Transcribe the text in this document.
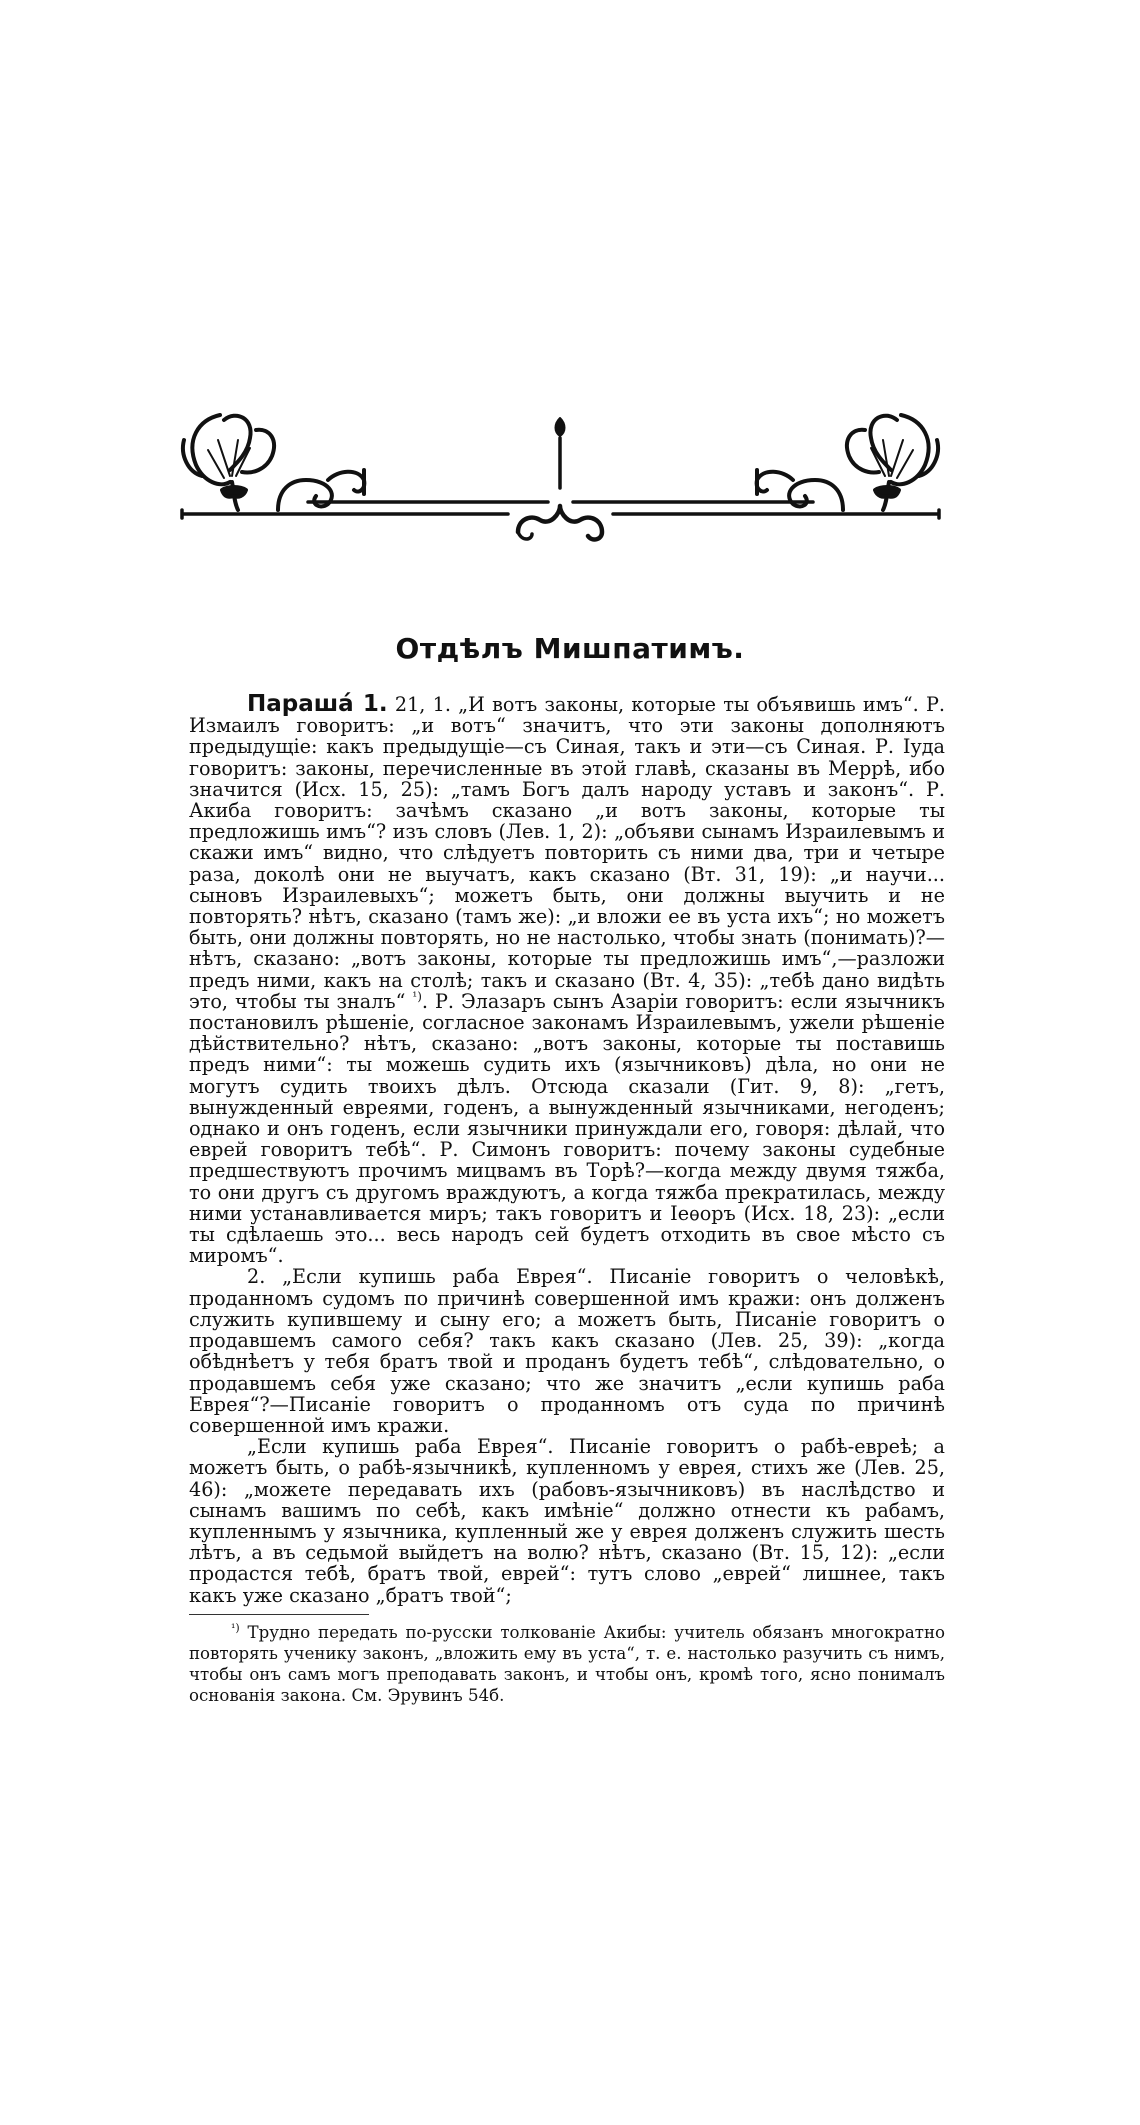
Отдѣлъ Мишпатимъ.

Параша́ 1. 21, 1. „И вотъ законы, которые ты объявишь имъ“. Р. Измаилъ говоритъ: „и вотъ“ значитъ, что эти законы дополняютъ предыдущіе: какъ предыдущіе—съ Синая, такъ и эти—съ Синая. Р. Іуда говоритъ: законы, перечисленные въ этой главѣ, сказаны въ Меррѣ, ибо значится (Исх. 15, 25): „тамъ Богъ далъ народу уставъ и законъ“. Р. Акиба говоритъ: зачѣмъ сказано „и вотъ законы, которые ты предложишь имъ“? изъ словъ (Лев. 1, 2): „объяви сынамъ Израилевымъ и скажи имъ“ видно, что слѣдуетъ повторить съ ними два, три и четыре раза, доколѣ они не выучатъ, какъ сказано (Вт. 31, 19): „и научи... сыновъ Израилевыхъ“; можетъ быть, они должны выучить и не повторять? нѣтъ, сказано (тамъ же): „и вложи ее въ уста ихъ“; но можетъ быть, они должны повторять, но не настолько, чтобы знать (понимать)?—нѣтъ, сказано: „вотъ законы, которые ты предложишь имъ“,—разложи предъ ними, какъ на столѣ; такъ и сказано (Вт. 4, 35): „тебѣ дано видѣть это, чтобы ты зналъ“ $^{^1)}$. Р. Элазаръ сынъ Азаріи говоритъ: если язычникъ постановилъ рѣшеніе, согласное законамъ Израилевымъ, ужели рѣшеніе дѣйствительно? нѣтъ, сказано: „вотъ законы, которые ты поставишь предъ ними“: ты можешь судить ихъ (язычниковъ) дѣла, но они не могутъ судить твоихъ дѣлъ. Отсюда сказали (Гит. 9, 8): „гетъ, вынужденный евреями, годенъ, а вынужденный язычниками, негоденъ; однако и онъ годенъ, если язычники принуждали его, говоря: дѣлай, что еврей говоритъ тебѣ“. Р. Симонъ говоритъ: почему законы судебные предшествуютъ прочимъ мицвамъ въ Торѣ?—когда между двумя тяжба, то они другъ съ другомъ враждуютъ, а когда тяжба прекратилась, между ними устанавливается миръ; такъ говоритъ и Іеѳоръ (Исх. 18, 23): „если ты сдѣлаешь это... весь народъ сей будетъ отходить въ свое мѣсто съ миромъ“.

2. „Если купишь раба Еврея“. Писаніе говоритъ о человѣкѣ, проданномъ судомъ по причинѣ совершенной имъ кражи: онъ долженъ служить купившему и сыну его; а можетъ быть, Писаніе говоритъ о продавшемъ самого себя? такъ какъ сказано (Лев. 25, 39): „когда обѣднѣетъ у тебя братъ твой и проданъ будетъ тебѣ“, слѣдовательно, о продавшемъ себя уже сказано; что же значитъ „если купишь раба Еврея“?—Писаніе говоритъ о проданномъ отъ суда по причинѣ совершенной имъ кражи.

„Если купишь раба Еврея“. Писаніе говоритъ о рабѣ-евреѣ; а можетъ быть, о рабѣ-язычникѣ, купленномъ у еврея, стихъ же (Лев. 25, 46): „можете передавать ихъ (рабовъ-язычниковъ) въ наслѣдство и сынамъ вашимъ по себѣ, какъ имѣніе“ должно отнести къ рабамъ, купленнымъ у язычника, купленный же у еврея долженъ служить шесть лѣтъ, а въ седьмой выйдетъ на волю? нѣтъ, сказано (Вт. 15, 12): „если продастся тебѣ, братъ твой, еврей“: тутъ слово „еврей“ лишнее, такъ какъ уже сказано „братъ твой“;

$^{^1)}$ Трудно передать по-русски толкованіе Акибы: учитель обязанъ многократно повторять ученику законъ, „вложить ему въ уста“, т. е. настолько разучить съ нимъ, чтобы онъ самъ могъ преподавать законъ, и чтобы онъ, кромѣ того, ясно понималъ основанія закона. См. Эрувинъ 54б.
